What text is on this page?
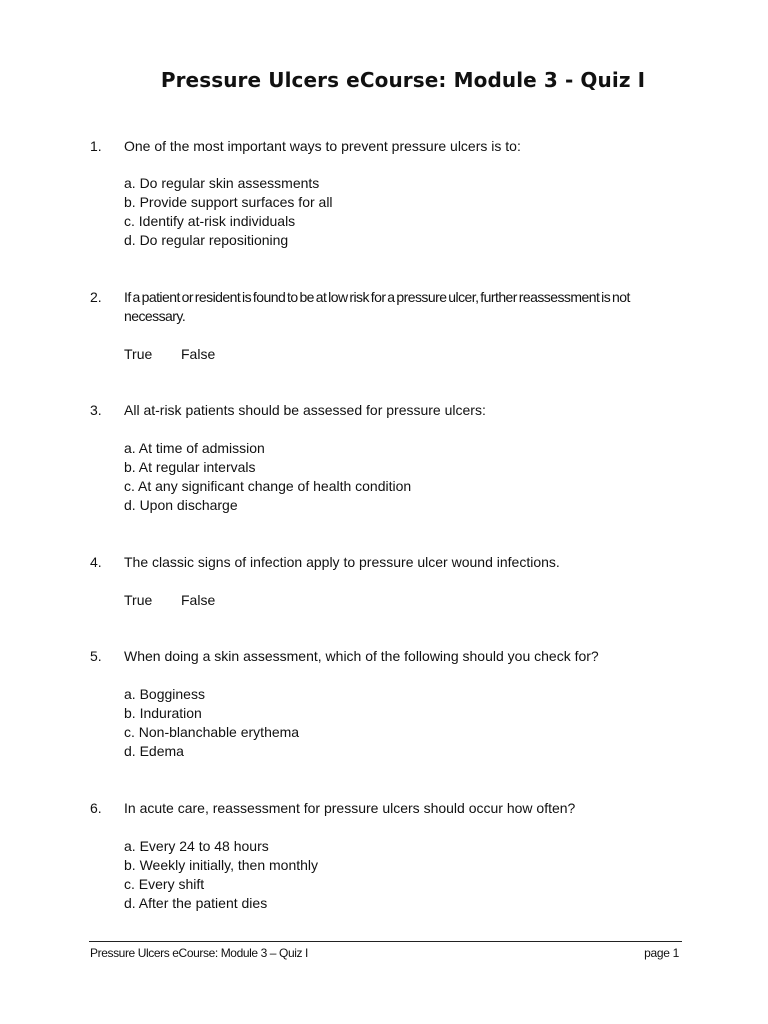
Pressure Ulcers eCourse: Module 3 - Quiz I
1. One of the most important ways to prevent pressure ulcers is to:
a. Do regular skin assessments
b. Provide support surfaces for all
c. Identify at-risk individuals
d. Do regular repositioning
2. If a patient or resident is found to be at low risk for a pressure ulcer, further reassessment is not necessary.
True False
3. All at-risk patients should be assessed for pressure ulcers:
a. At time of admission
b. At regular intervals
c. At any significant change of health condition
d. Upon discharge
4. The classic signs of infection apply to pressure ulcer wound infections.
True False
5. When doing a skin assessment, which of the following should you check for?
a. Bogginess
b. Induration
c. Non-blanchable erythema
d. Edema
6. In acute care, reassessment for pressure ulcers should occur how often?
a. Every 24 to 48 hours
b. Weekly initially, then monthly
c. Every shift
d. After the patient dies
Pressure Ulcers eCourse: Module 3 – Quiz I	page 1
